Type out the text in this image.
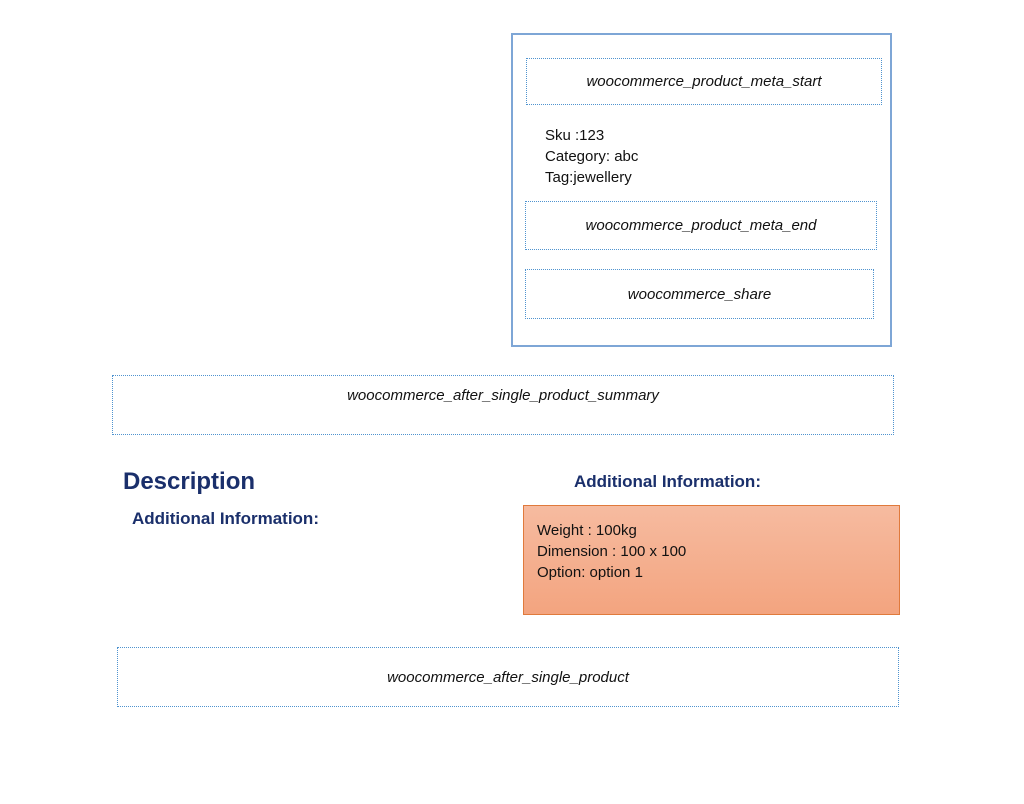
woocommerce_product_meta_start
Sku :123
Category: abc
Tag:jewellery
woocommerce_product_meta_end
woocommerce_share
woocommerce_after_single_product_summary
Description
Additional Information:
Additional Information:
Weight : 100kg
Dimension : 100 x 100
Option: option 1
woocommerce_after_single_product
